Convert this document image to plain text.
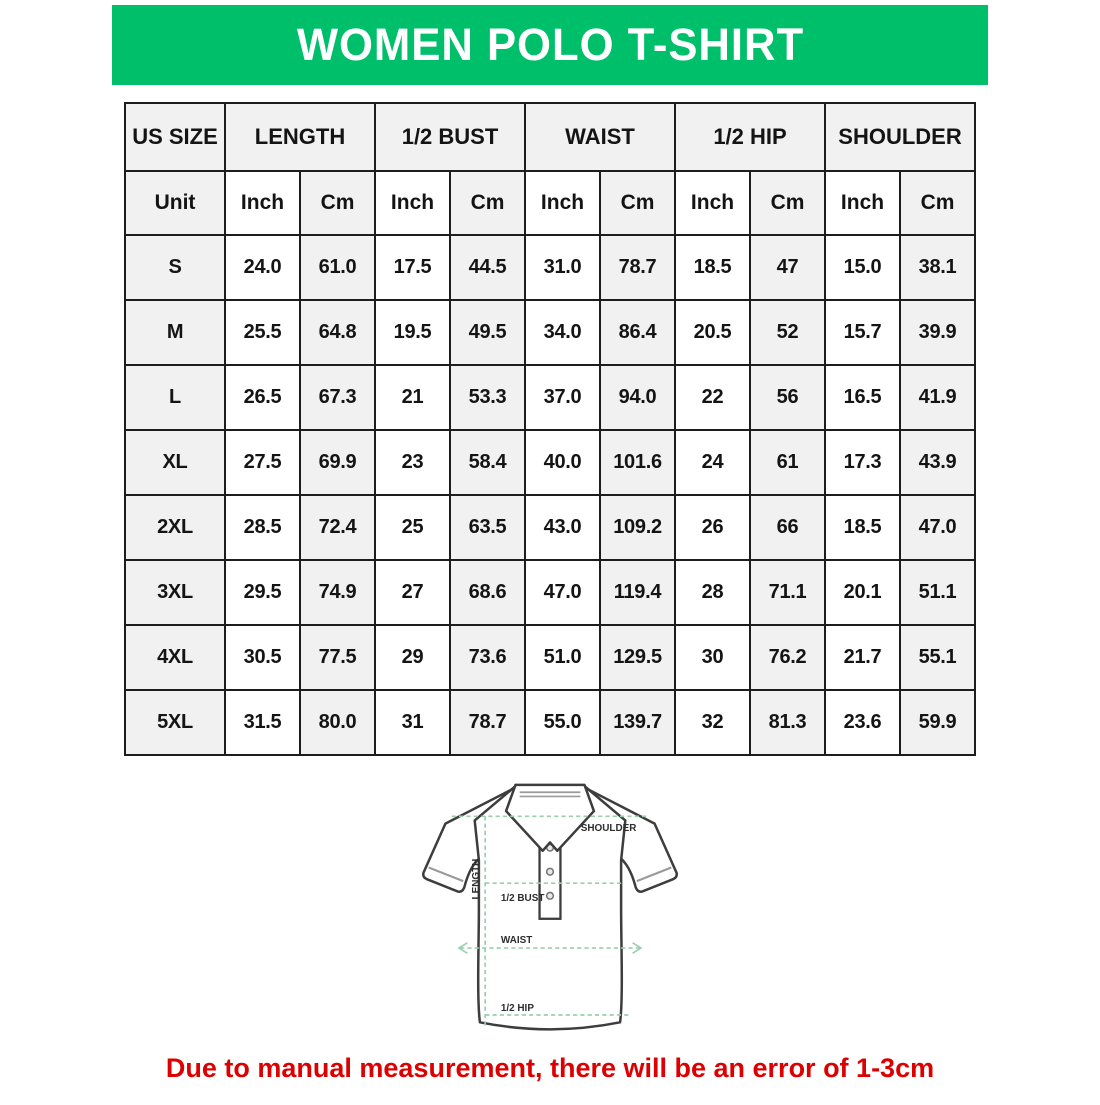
WOMEN POLO T-SHIRT
US SIZE	LENGTH		1/2 BUST		WAIST		1/2 HIP		SHOULDER	
Unit	Inch	Cm	Inch	Cm	Inch	Cm	Inch	Cm	Inch	Cm
S	24.0	61.0	17.5	44.5	31.0	78.7	18.5	47	15.0	38.1
M	25.5	64.8	19.5	49.5	34.0	86.4	20.5	52	15.7	39.9
L	26.5	67.3	21	53.3	37.0	94.0	22	56	16.5	41.9
XL	27.5	69.9	23	58.4	40.0	101.6	24	61	17.3	43.9
2XL	28.5	72.4	25	63.5	43.0	109.2	26	66	18.5	47.0
3XL	29.5	74.9	27	68.6	47.0	119.4	28	71.1	20.1	51.1
4XL	30.5	77.5	29	73.6	51.0	129.5	30	76.2	21.7	55.1
5XL	31.5	80.0	31	78.7	55.0	139.7	32	81.3	23.6	59.9
SHOULDER
LENGTH 1/2 BUST
WAIST
1/2 HIP
Due to manual measurement, there will be an error of 1-3cm
